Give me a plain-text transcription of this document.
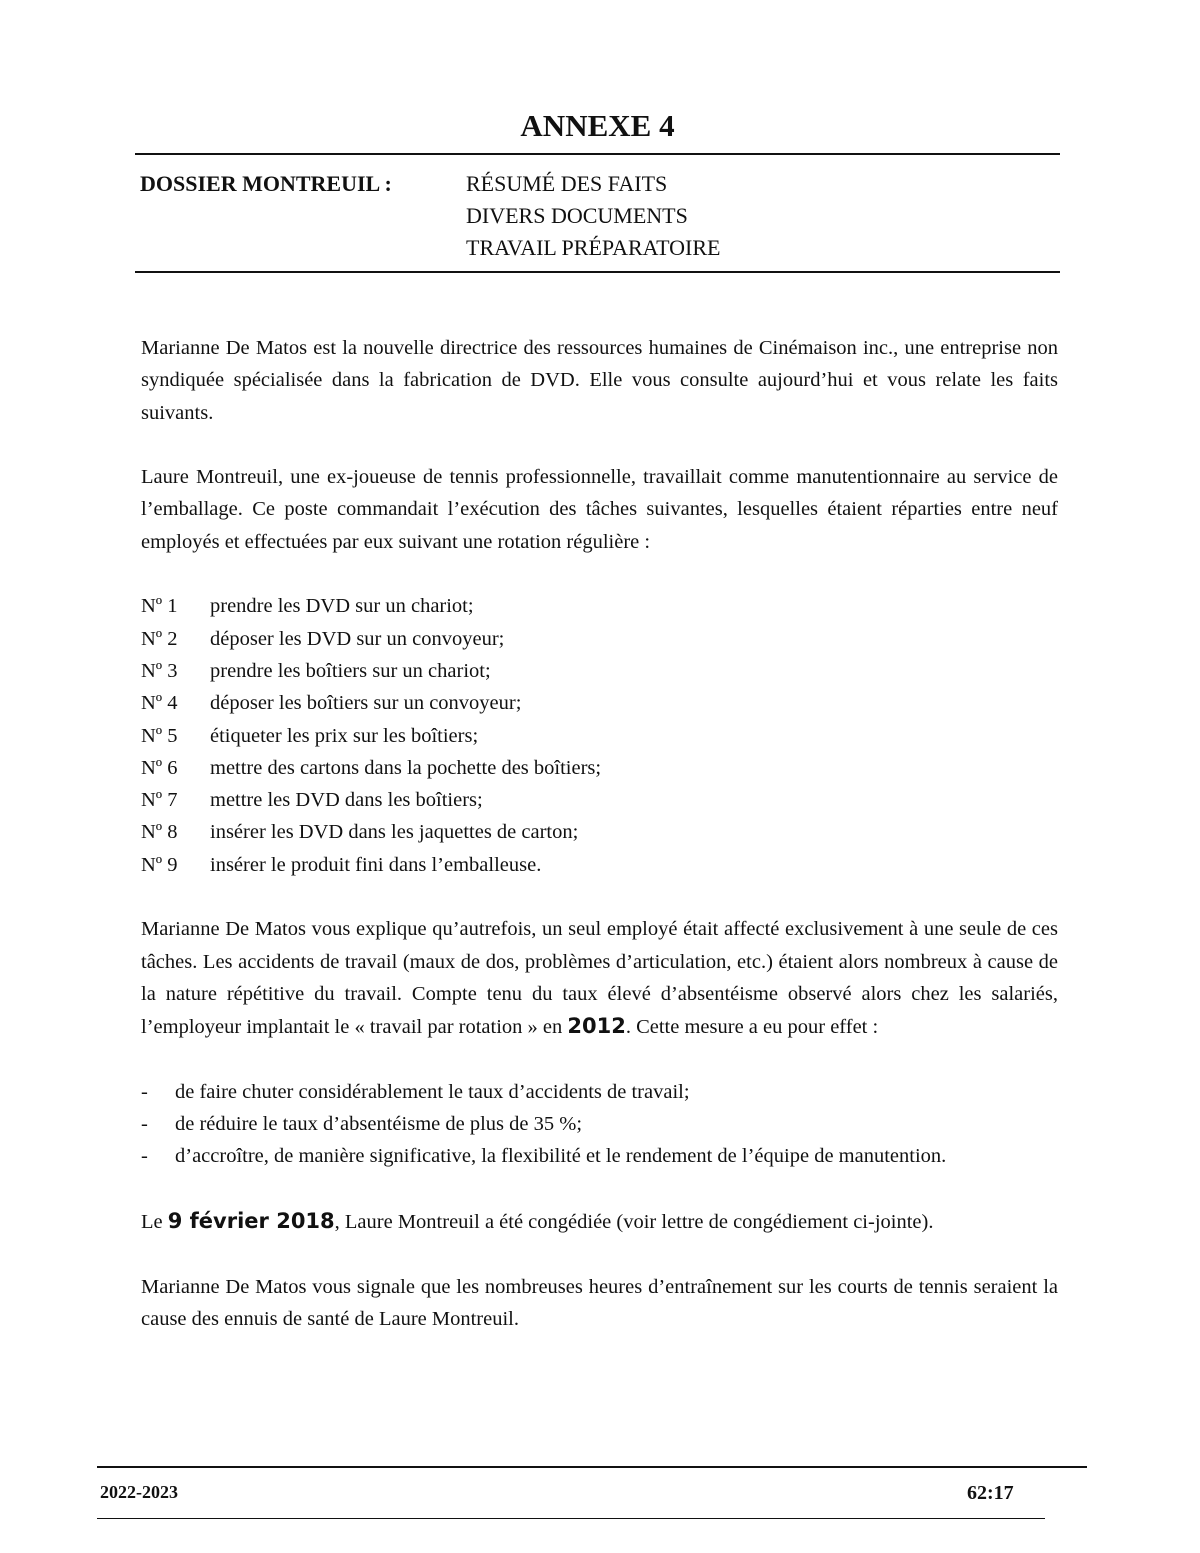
ANNEXE 4
DOSSIER MONTREUIL :	RÉSUMÉ DES FAITS
DIVERS DOCUMENTS
TRAVAIL PRÉPARATOIRE

Marianne De Matos est la nouvelle directrice des ressources humaines de Cinémaison inc., une entreprise non syndiquée spécialisée dans la fabrication de DVD. Elle vous consulte aujourd’hui et vous relate les faits suivants.

Laure Montreuil, une ex-joueuse de tennis professionnelle, travaillait comme manutentionnaire au service de l’emballage. Ce poste commandait l’exécution des tâches suivantes, lesquelles étaient réparties entre neuf employés et effectuées par eux suivant une rotation régulière :

Nº 1	prendre les DVD sur un chariot;
Nº 2	déposer les DVD sur un convoyeur;
Nº 3	prendre les boîtiers sur un chariot;
Nº 4	déposer les boîtiers sur un convoyeur;
Nº 5	étiqueter les prix sur les boîtiers;
Nº 6	mettre des cartons dans la pochette des boîtiers;
Nº 7	mettre les DVD dans les boîtiers;
Nº 8	insérer les DVD dans les jaquettes de carton;
Nº 9	insérer le produit fini dans l’emballeuse.

Marianne De Matos vous explique qu’autrefois, un seul employé était affecté exclusivement à une seule de ces tâches. Les accidents de travail (maux de dos, problèmes d’articulation, etc.) étaient alors nombreux à cause de la nature répétitive du travail. Compte tenu du taux élevé d’absentéisme observé alors chez les salariés, l’employeur implantait le « travail par rotation » en 2012. Cette mesure a eu pour effet :

-	de faire chuter considérablement le taux d’accidents de travail;
-	de réduire le taux d’absentéisme de plus de 35 %;
-	d’accroître, de manière significative, la flexibilité et le rendement de l’équipe de manutention.

Le 9 février 2018, Laure Montreuil a été congédiée (voir lettre de congédiement ci-jointe).

Marianne De Matos vous signale que les nombreuses heures d’entraînement sur les courts de tennis seraient la cause des ennuis de santé de Laure Montreuil.

2022-2023	62:17
